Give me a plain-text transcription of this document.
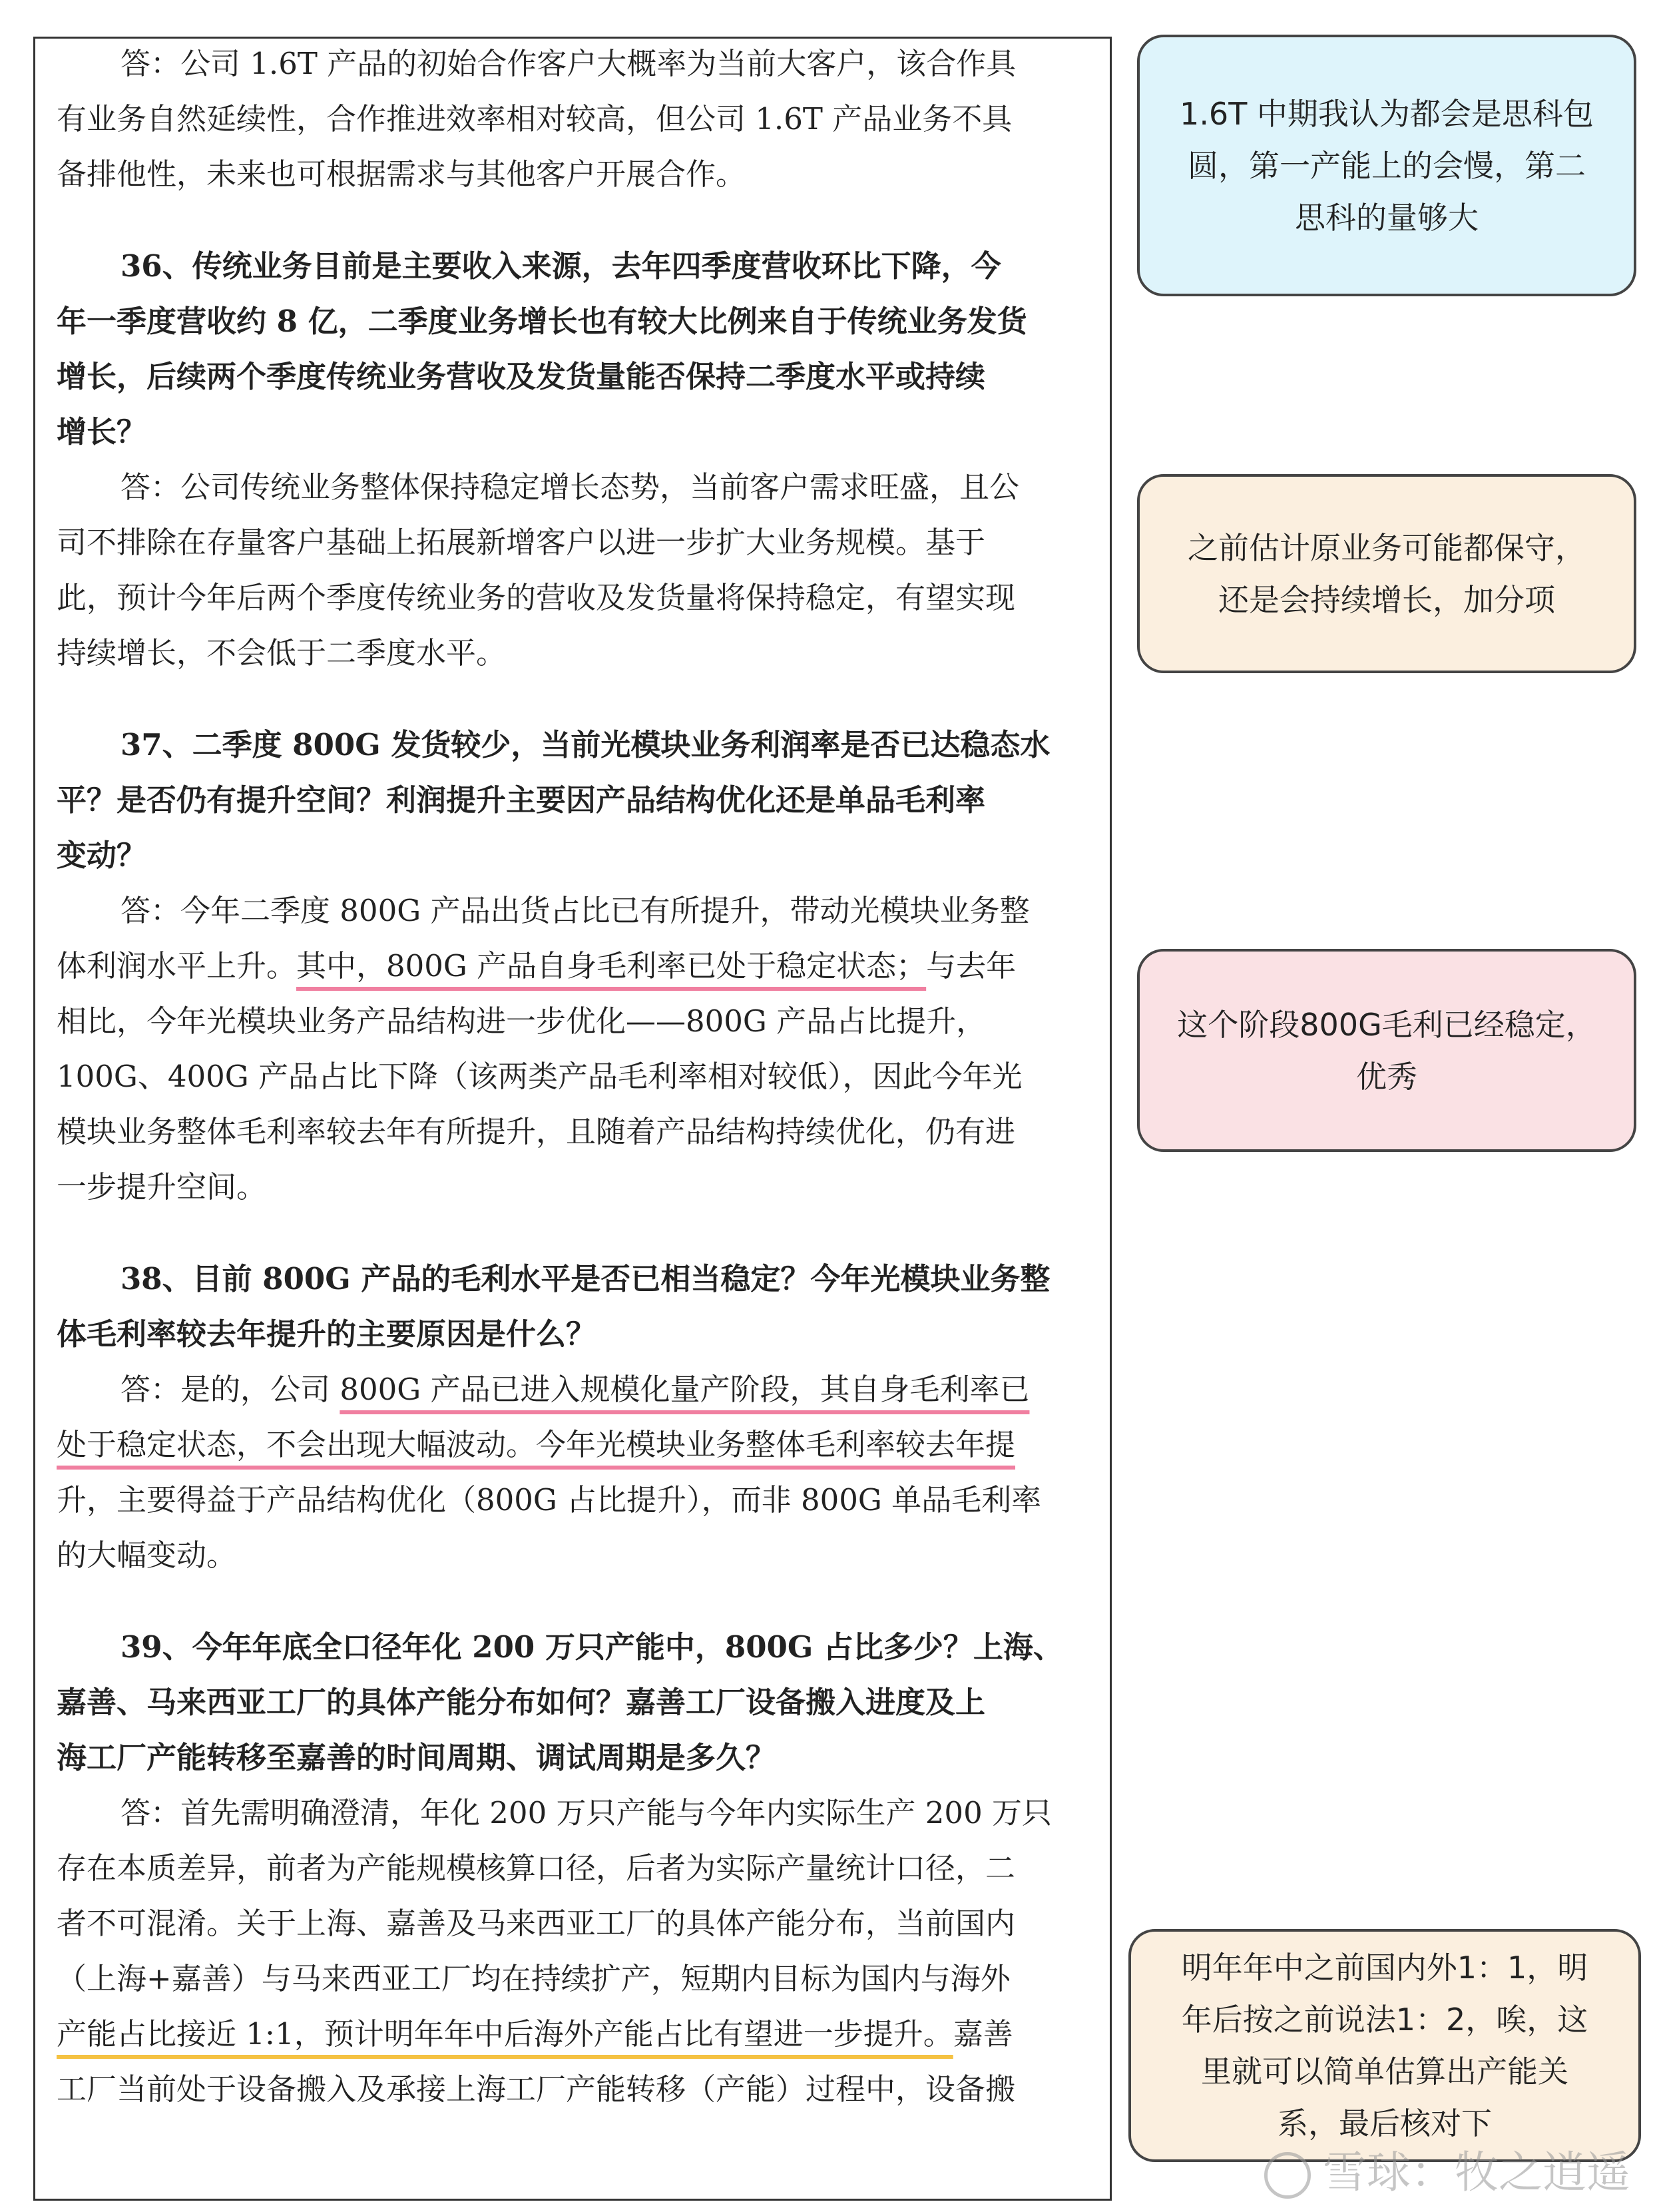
答：公司 1.6T 产品的初始合作客户大概率为当前大客户，该合作具
有业务自然延续性，合作推进效率相对较高，但公司 1.6T 产品业务不具
备排他性，未来也可根据需求与其他客户开展合作。
36、传统业务目前是主要收入来源，去年四季度营收环比下降，今
年一季度营收约 8 亿，二季度业务增长也有较大比例来自于传统业务发货
增长，后续两个季度传统业务营收及发货量能否保持二季度水平或持续
增长？
答：公司传统业务整体保持稳定增长态势，当前客户需求旺盛，且公
司不排除在存量客户基础上拓展新增客户以进一步扩大业务规模。基于
此，预计今年后两个季度传统业务的营收及发货量将保持稳定，有望实现
持续增长，不会低于二季度水平。
37、二季度 800G 发货较少，当前光模块业务利润率是否已达稳态水
平？是否仍有提升空间？利润提升主要因产品结构优化还是单品毛利率
变动？
答：今年二季度 800G 产品出货占比已有所提升，带动光模块业务整
体利润水平上升。其中，800G 产品自身毛利率已处于稳定状态；与去年
相比，今年光模块业务产品结构进一步优化——800G 产品占比提升，
100G、400G 产品占比下降（该两类产品毛利率相对较低），因此今年光
模块业务整体毛利率较去年有所提升，且随着产品结构持续优化，仍有进
一步提升空间。
38、目前 800G 产品的毛利水平是否已相当稳定？今年光模块业务整
体毛利率较去年提升的主要原因是什么？
答：是的，公司 800G 产品已进入规模化量产阶段，其自身毛利率已
处于稳定状态，不会出现大幅波动。今年光模块业务整体毛利率较去年提
升，主要得益于产品结构优化（800G 占比提升），而非 800G 单品毛利率
的大幅变动。
39、今年年底全口径年化 200 万只产能中，800G 占比多少？上海、
嘉善、马来西亚工厂的具体产能分布如何？嘉善工厂设备搬入进度及上
海工厂产能转移至嘉善的时间周期、调试周期是多久？
答：首先需明确澄清，年化 200 万只产能与今年内实际生产 200 万只
存在本质差异，前者为产能规模核算口径，后者为实际产量统计口径，二
者不可混淆。关于上海、嘉善及马来西亚工厂的具体产能分布，当前国内
（上海+嘉善）与马来西亚工厂均在持续扩产，短期内目标为国内与海外
产能占比接近 1:1，预计明年年中后海外产能占比有望进一步提升。嘉善
工厂当前处于设备搬入及承接上海工厂产能转移（产能）过程中，设备搬
1.6T 中期我认为都会是思科包
圆，第一产能上的会慢，第二
思科的量够大
之前估计原业务可能都保守，
还是会持续增长，加分项
这个阶段800G毛利已经稳定，
优秀
明年年中之前国内外1：1，明
年后按之前说法1：2，唉，这
里就可以简单估算出产能关
系，最后核对下
雪球：牧之逍遥
